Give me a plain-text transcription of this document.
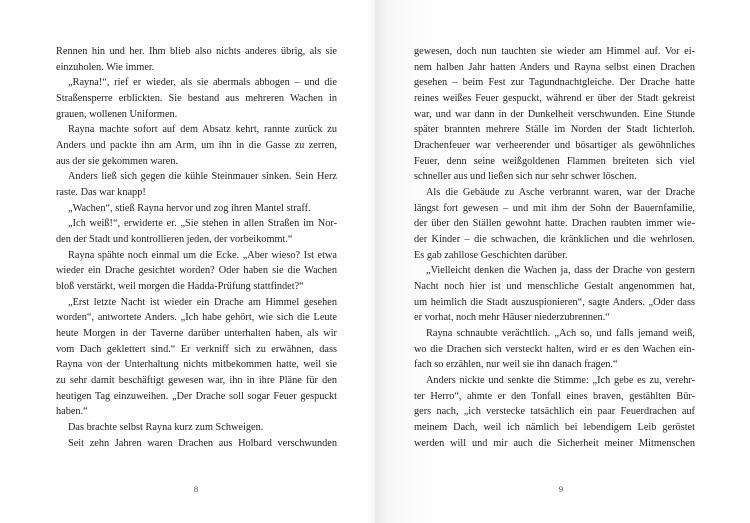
Rennen hin und her. Ihm blieb also nichts anderes übrig, als sie
einzuholen. Wie immer.
„Rayna!“, rief er wieder, als sie abermals abbogen – und die
Straßensperre erblickten. Sie bestand aus mehreren Wachen in
grauen, wollenen Uniformen.
Rayna machte sofort auf dem Absatz kehrt, rannte zurück zu
Anders und packte ihn am Arm, um ihn in die Gasse zu zerren,
aus der sie gekommen waren.
Anders ließ sich gegen die kühle Steinmauer sinken. Sein Herz
raste. Das war knapp!
„Wachen“, stieß Rayna hervor und zog ihren Mantel straff.
„Ich weiß!“, erwiderte er. „Sie stehen in allen Straßen im Nor-
den der Stadt und kontrollieren jeden, der vorbeikommt.“
Rayna spähte noch einmal um die Ecke. „Aber wieso? Ist etwa
wieder ein Drache gesichtet worden? Oder haben sie die Wachen
bloß verstärkt, weil morgen die Hadda-Prüfung stattfindet?“
„Erst letzte Nacht ist wieder ein Drache am Himmel gesehen
worden“, antwortete Anders. „Ich habe gehört, wie sich die Leute
heute Morgen in der Taverne darüber unterhalten haben, als wir
vom Dach geklettert sind.“ Er verkniff sich zu erwähnen, dass
Rayna von der Unterhaltung nichts mitbekommen hatte, weil sie
zu sehr damit beschäftigt gewesen war, ihn in ihre Pläne für den
heutigen Tag einzuweihen. „Der Drache soll sogar Feuer gespuckt
haben.“
Das brachte selbst Rayna kurz zum Schweigen.
Seit zehn Jahren waren Drachen aus Holbard verschwunden
8
gewesen, doch nun tauchten sie wieder am Himmel auf. Vor ei-
nem halben Jahr hatten Anders und Rayna selbst einen Drachen
gesehen – beim Fest zur Tagundnachtgleiche. Der Drache hatte
reines weißes Feuer gespuckt, während er über der Stadt gekreist
war, und war dann in der Dunkelheit verschwunden. Eine Stunde
später brannten mehrere Ställe im Norden der Stadt lichterloh.
Drachenfeuer war verheerender und bösartiger als gewöhnliches
Feuer, denn seine weißgoldenen Flammen breiteten sich viel
schneller aus und ließen sich nur sehr schwer löschen.
Als die Gebäude zu Asche verbrannt waren, war der Drache
längst fort gewesen – und mit ihm der Sohn der Bauernfamilie,
der über den Ställen gewohnt hatte. Drachen raubten immer wie-
der Kinder – die schwachen, die kränklichen und die wehrlosen.
Es gab zahllose Geschichten darüber.
„Vielleicht denken die Wachen ja, dass der Drache von gestern
Nacht noch hier ist und menschliche Gestalt angenommen hat,
um heimlich die Stadt auszuspionieren“, sagte Anders. „Oder dass
er vorhat, noch mehr Häuser niederzubrennen.“
Rayna schnaubte verächtlich. „Ach so, und falls jemand weiß,
wo die Drachen sich versteckt halten, wird er es den Wachen ein-
fach so erzählen, nur weil sie ihn danach fragen.“
Anders nickte und senkte die Stimme: „Ich gebe es zu, verehr-
ter Herro“, ahmte er den Tonfall eines braven, gestählten Bür-
gers nach, „ich verstecke tatsächlich ein paar Feuerdrachen auf
meinem Dach, weil ich nämlich bei lebendigem Leib geröstet
werden will und mir auch die Sicherheit meiner Mitmenschen
9
